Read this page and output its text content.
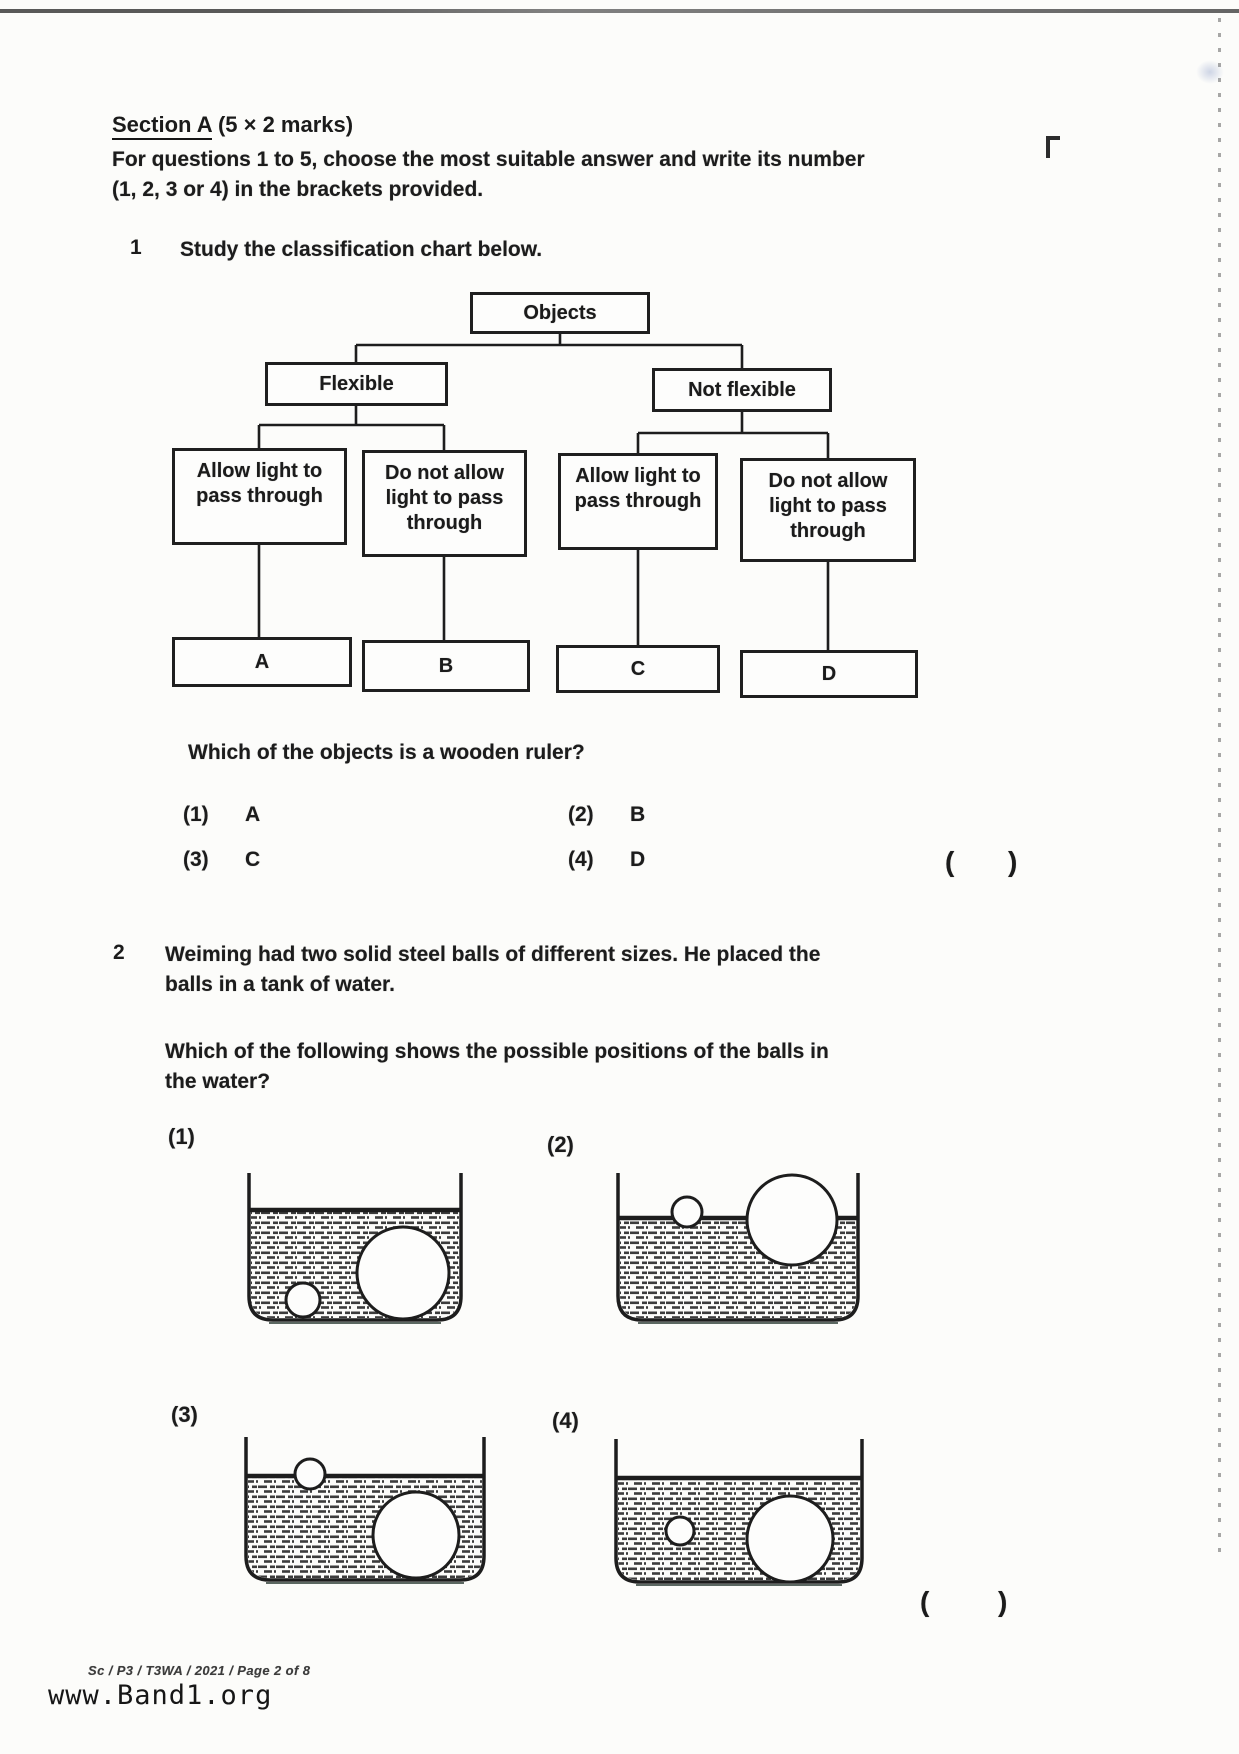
Section A (5 × 2 marks)
For questions 1 to 5, choose the most suitable answer and write its number
(1, 2, 3 or 4) in the brackets provided.
1 Study the classification chart below.
Objects
Flexible	Not flexible
Allow light to pass through
Do not allow light to pass through
Allow light to pass through
Do not allow light to pass through
A	B	C	D
Which of the objects is a wooden ruler?
(1) A	(2) B
(3) C	(4) D	( )
2 Weiming had two solid steel balls of different sizes. He placed the
balls in a tank of water.
Which of the following shows the possible positions of the balls in
the water?
(1)	(2)
(3)	(4)
( )
Sc / P3 / T3WA / 2021 / Page 2 of 8
www.Band1.org
